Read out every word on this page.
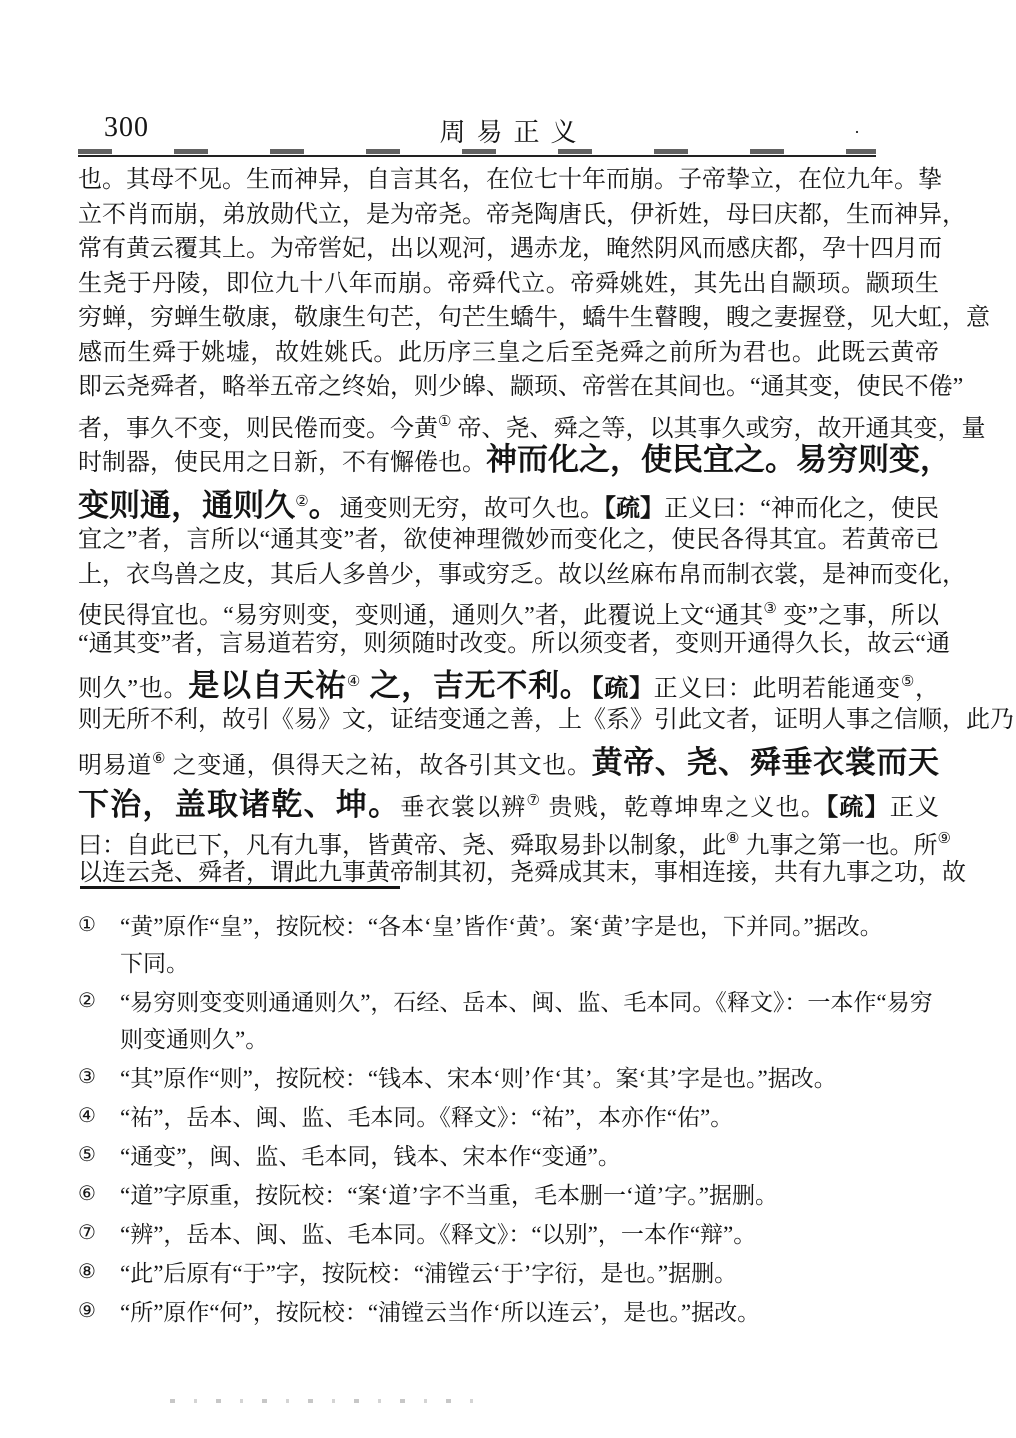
300	周易正义	·
也。其母不见。生而神异，自言其名，在位七十年而崩。子帝挚立，在位九年。挚
立不肖而崩，弟放勋代立，是为帝尧。帝尧陶唐氏，伊祈姓，母曰庆都，生而神异，
常有黄云覆其上。为帝喾妃，出以观河，遇赤龙，晻然阴风而感庆都，孕十四月而
生尧于丹陵，即位九十八年而崩。帝舜代立。帝舜姚姓，其先出自颛顼。颛顼生
穷蝉，穷蝉生敬康，敬康生句芒，句芒生蟜牛，蟜牛生瞽瞍，瞍之妻握登，见大虹，意
感而生舜于姚墟，故姓姚氏。此历序三皇之后至尧舜之前所为君也。此既云黄帝
即云尧舜者，略举五帝之终始，则少皞、颛顼、帝喾在其间也。“通其变，使民不倦”
者，事久不变，则民倦而变。今黄① 帝、尧、舜之等，以其事久或穷，故开通其变，量
时制器，使民用之日新，不有懈倦也。神而化之，使民宜之。易穷则变，
变则通，通则久②。通变则无穷，故可久也。【疏】正义曰：“神而化之，使民
宜之”者，言所以“通其变”者，欲使神理微妙而变化之，使民各得其宜。若黄帝已
上，衣鸟兽之皮，其后人多兽少，事或穷乏。故以丝麻布帛而制衣裳，是神而变化，
使民得宜也。“易穷则变，变则通，通则久”者，此覆说上文“通其③ 变”之事，所以
“通其变”者，言易道若穷，则须随时改变。所以须变者，变则开通得久长，故云“通
则久”也。是以自天祐④ 之，吉无不利。【疏】正义曰：此明若能通变⑤，
则无所不利，故引《易》文，证结变通之善，上《系》引此文者，证明人事之信顺，此乃
明易道⑥ 之变通，俱得天之祐，故各引其文也。黄帝、尧、舜垂衣裳而天
下治，盖取诸乾、坤。垂衣裳以辨⑦ 贵贱，乾尊坤卑之义也。【疏】正义
曰：自此已下，凡有九事，皆黄帝、尧、舜取易卦以制象，此⑧ 九事之第一也。所⑨
以连云尧、舜者，谓此九事黄帝制其初，尧舜成其末，事相连接，共有九事之功，故
①	“黄”原作“皇”，按阮校：“各本‘皇’皆作‘黄’。案‘黄’字是也，下并同。”据改。
下同。
②	“易穷则变变则通通则久”，石经、岳本、闽、监、毛本同。《释文》：一本作“易穷
则变通则久”。
③	“其”原作“则”，按阮校：“钱本、宋本‘则’作‘其’。案‘其’字是也。”据改。
④	“祐”，岳本、闽、监、毛本同。《释文》：“祐”，本亦作“佑”。
⑤	“通变”，闽、监、毛本同，钱本、宋本作“变通”。
⑥	“道”字原重，按阮校：“案‘道’字不当重，毛本删一‘道’字。”据删。
⑦	“辨”，岳本、闽、监、毛本同。《释文》：“以别”，一本作“辩”。
⑧	“此”后原有“于”字，按阮校：“浦镗云‘于’字衍，是也。”据删。
⑨	“所”原作“何”，按阮校：“浦镗云当作‘所以连云’，是也。”据改。
